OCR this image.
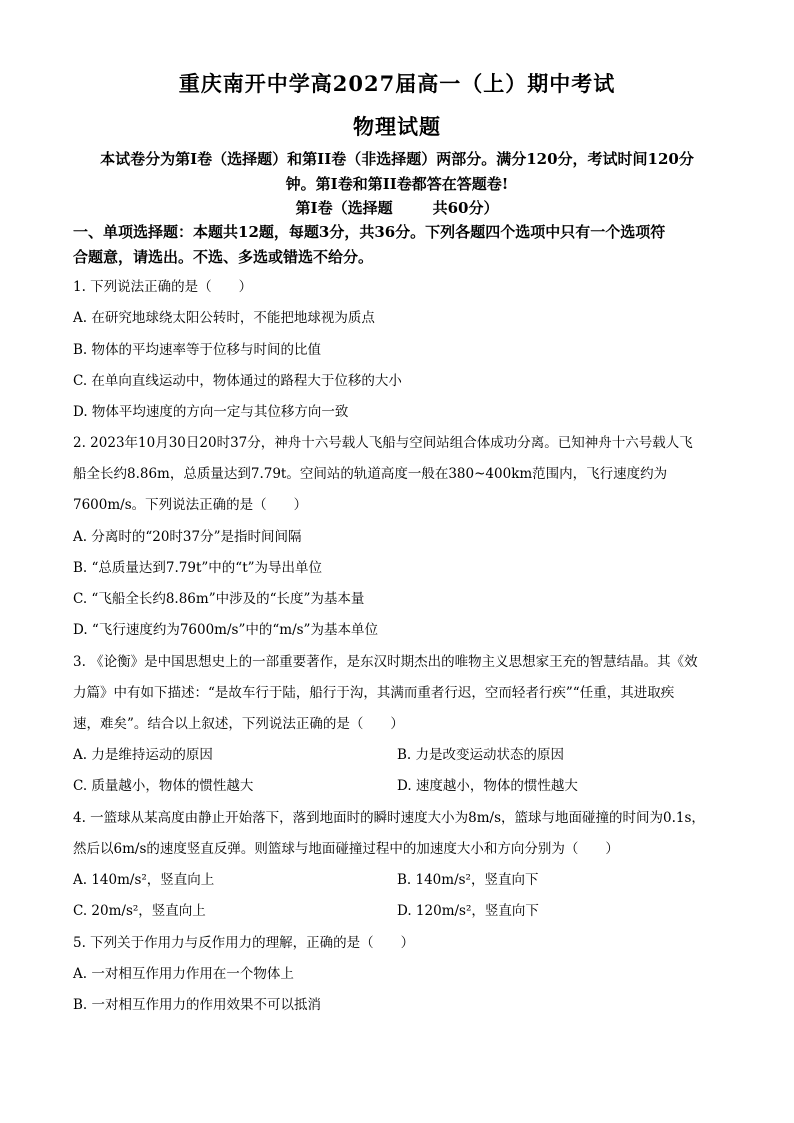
重庆南开中学高2027届高一（上）期中考试
物理试题
本试卷分为第I卷（选择题）和第II卷（非选择题）两部分。满分120分，考试时间120分
钟。第I卷和第II卷都答在答题卷!
第I卷（选择题	共60分）
一、单项选择题：本题共12题，每题3分，共36分。下列各题四个选项中只有一个选项符
合题意，请选出。不选、多选或错选不给分。
1. 下列说法正确的是（　　）
A. 在研究地球绕太阳公转时，不能把地球视为质点
B. 物体的平均速率等于位移与时间的比值
C. 在单向直线运动中，物体通过的路程大于位移的大小
D. 物体平均速度的方向一定与其位移方向一致
2. 2023年10月30日20时37分，神舟十六号载人飞船与空间站组合体成功分离。已知神舟十六号载人飞
船全长约8.86m，总质量达到7.79t。空间站的轨道高度一般在380~400km范围内，飞行速度约为
7600m/s。下列说法正确的是（　　）
A. 分离时的“20时37分”是指时间间隔
B. “总质量达到7.79t”中的“t”为导出单位
C. “飞船全长约8.86m”中涉及的“长度”为基本量
D. “飞行速度约为7600m/s”中的“m/s”为基本单位
3. 《论衡》是中国思想史上的一部重要著作，是东汉时期杰出的唯物主义思想家王充的智慧结晶。其《效
力篇》中有如下描述：“是故车行于陆，船行于沟，其满而重者行迟，空而轻者行疾”“任重，其进取疾
速，难矣”。结合以上叙述，下列说法正确的是（　　）
A. 力是维持运动的原因	B. 力是改变运动状态的原因
C. 质量越小，物体的惯性越大	D. 速度越小，物体的惯性越大
4. 一篮球从某高度由静止开始落下，落到地面时的瞬时速度大小为8m/s，篮球与地面碰撞的时间为0.1s，
然后以6m/s的速度竖直反弹。则篮球与地面碰撞过程中的加速度大小和方向分别为（　　）
A. 140m/s²，竖直向上	B. 140m/s²，竖直向下
C. 20m/s²，竖直向上	D. 120m/s²，竖直向下
5. 下列关于作用力与反作用力的理解，正确的是（　　）
A. 一对相互作用力作用在一个物体上
B. 一对相互作用力的作用效果不可以抵消
